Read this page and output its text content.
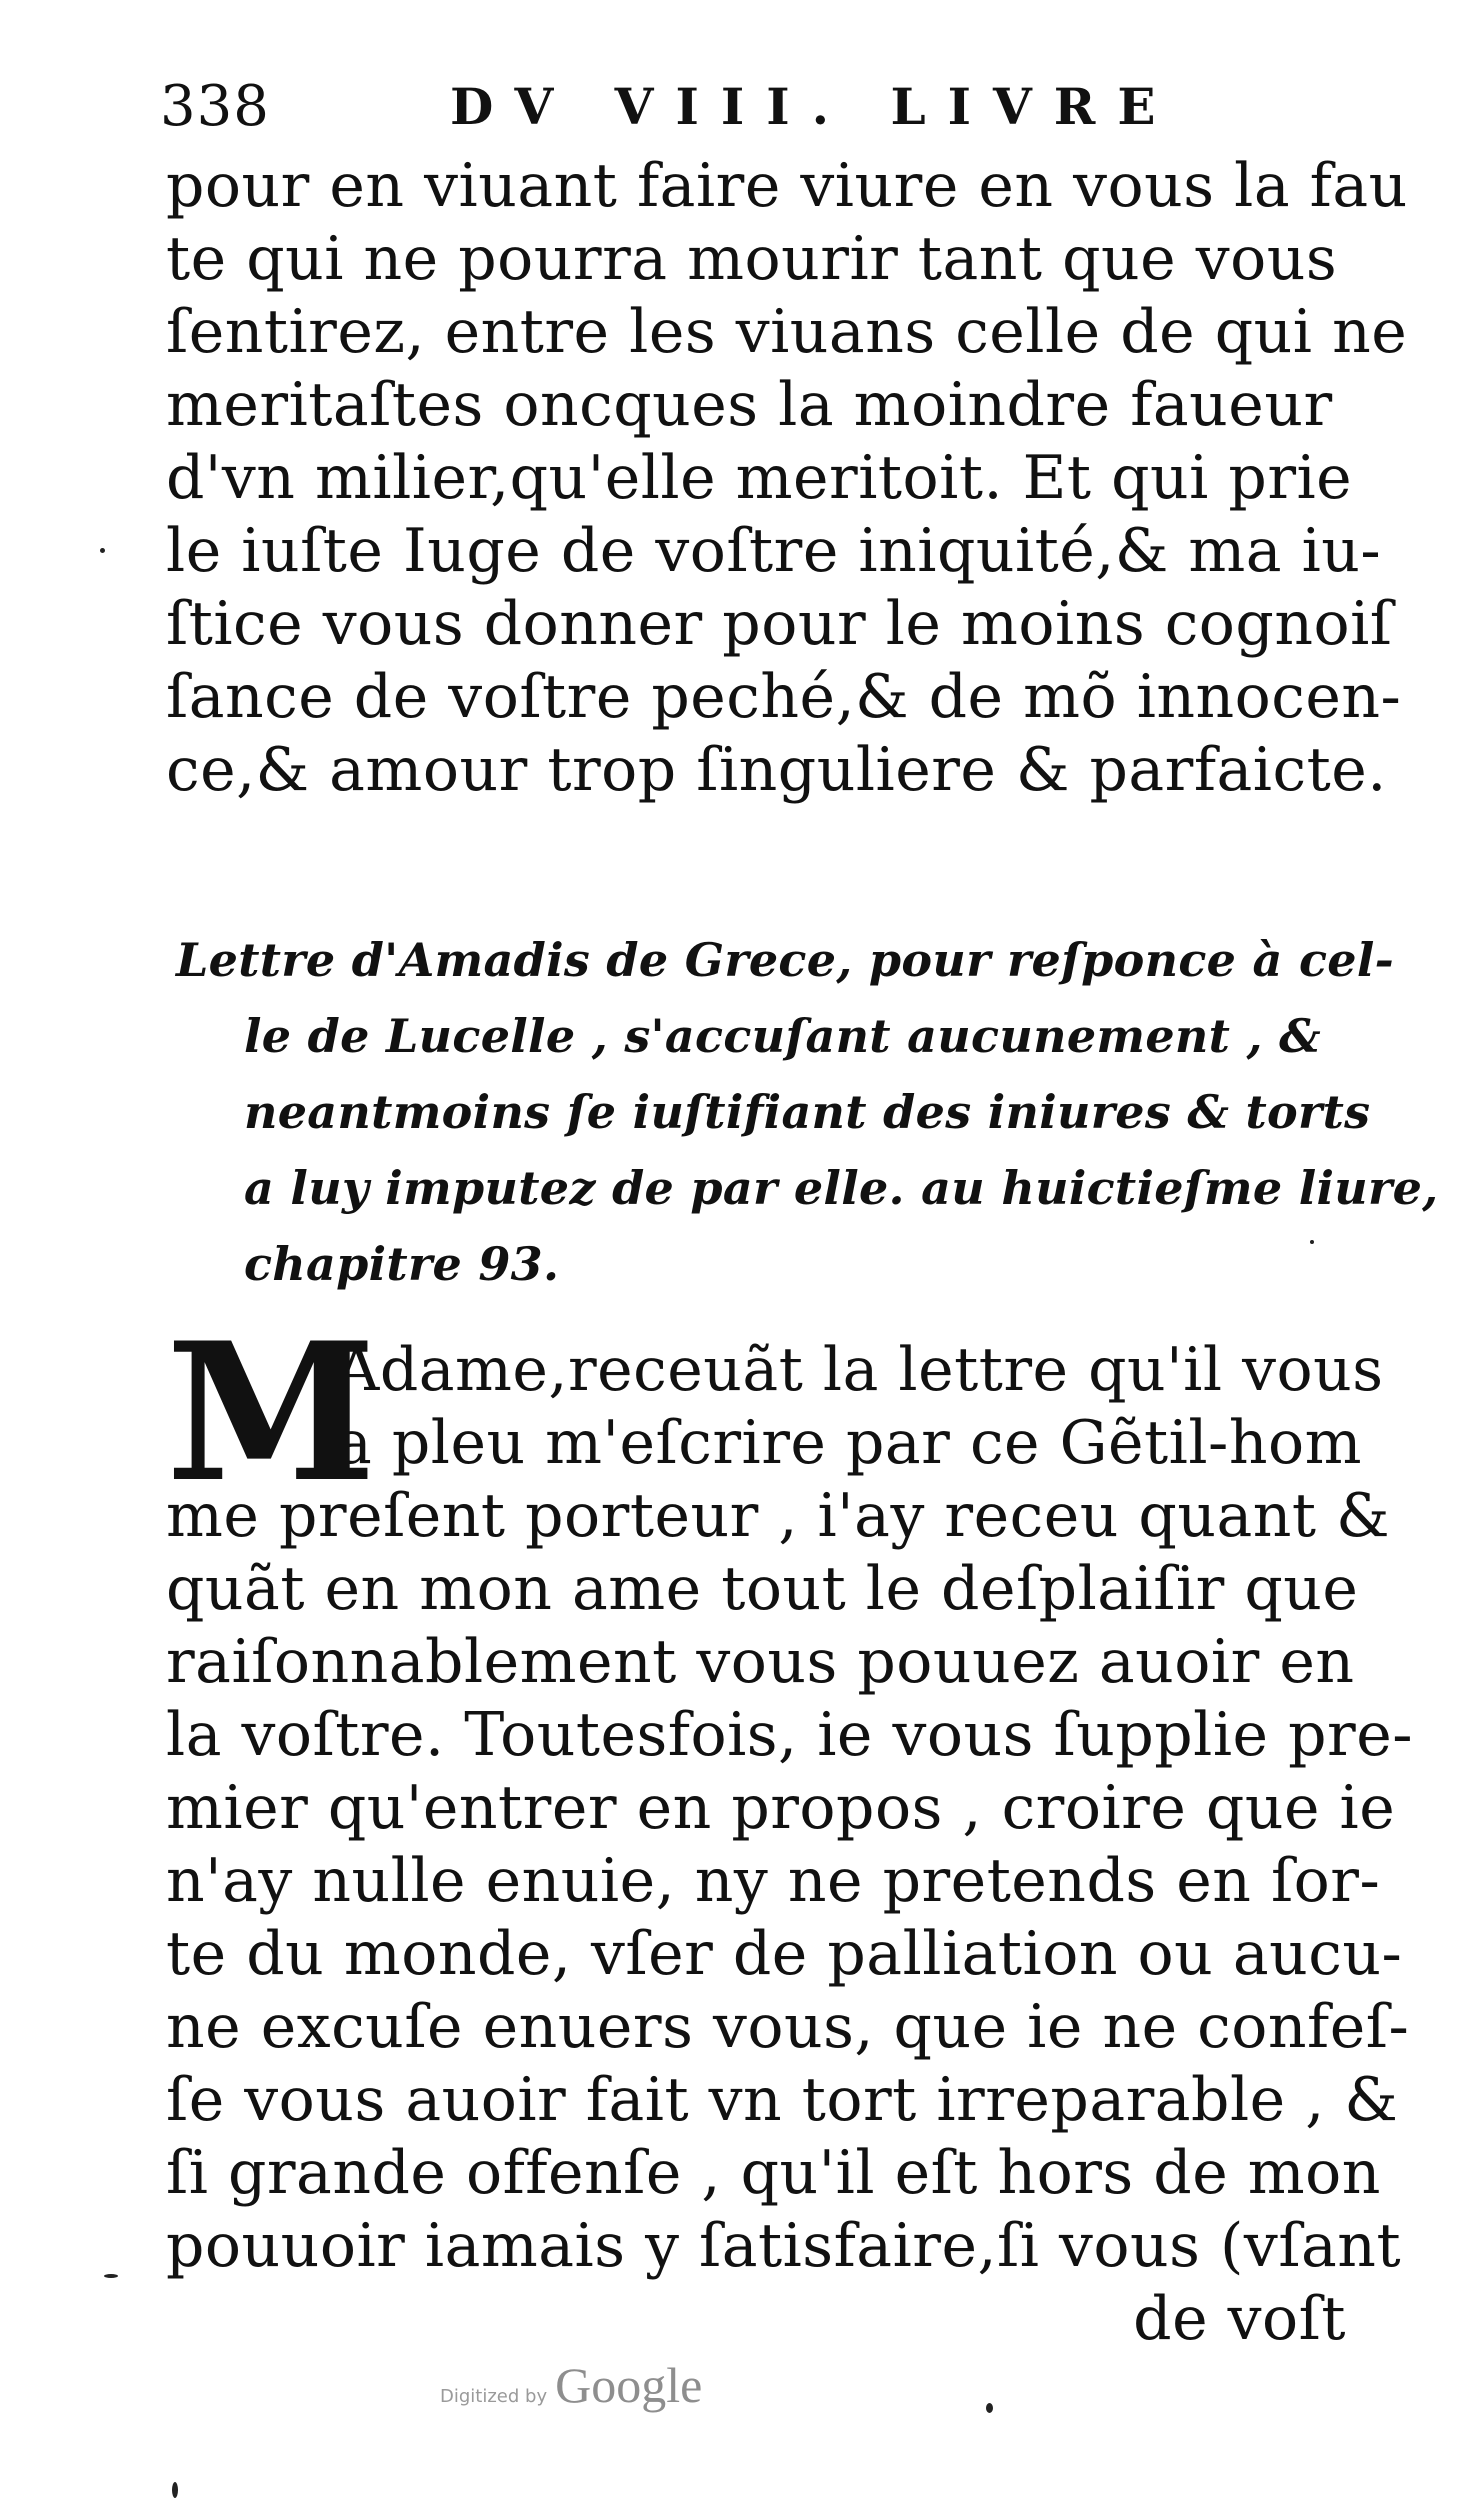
338	DV VIII. LIVRE
pour en viuant faire viure en vous la fau
te qui ne pourra mourir tant que vous
ſentirez, entre les viuans celle de qui ne
meritaſtes oncques la moindre faueur
d'vn milier,qu'elle meritoit. Et qui prie
le iuſte Iuge de voſtre iniquité,& ma iu-
ſtice vous donner pour le moins cognoiſ
ſance de voſtre peché,& de mõ innocen-
ce,& amour trop ſinguliere & parfaicte.
Lettre d'Amadis de Grece, pour reſponce à cel-
le de Lucelle , s'accuſant aucunement , &
neantmoins ſe iuſtifiant des iniures & torts
a luy imputez de par elle. au huictieſme liure,
chapitre 93.
M
Adame,receuãt la lettre qu'il vous
a pleu m'eſcrire par ce Gẽtil-hom
me preſent porteur , i'ay receu quant &
quãt en mon ame tout le deſplaiſir que
raiſonnablement vous pouuez auoir en
la voſtre. Toutesfois, ie vous ſupplie pre-
mier qu'entrer en propos , croire que ie
n'ay nulle enuie, ny ne pretends en ſor-
te du monde, vſer de palliation ou aucu-
ne excuſe enuers vous, que ie ne confeſ-
ſe vous auoir fait vn tort irreparable , &
ſi grande offenſe , qu'il eſt hors de mon
pouuoir iamais y ſatisfaire,ſi vous (vſant
de voſt
Digitized by Google
